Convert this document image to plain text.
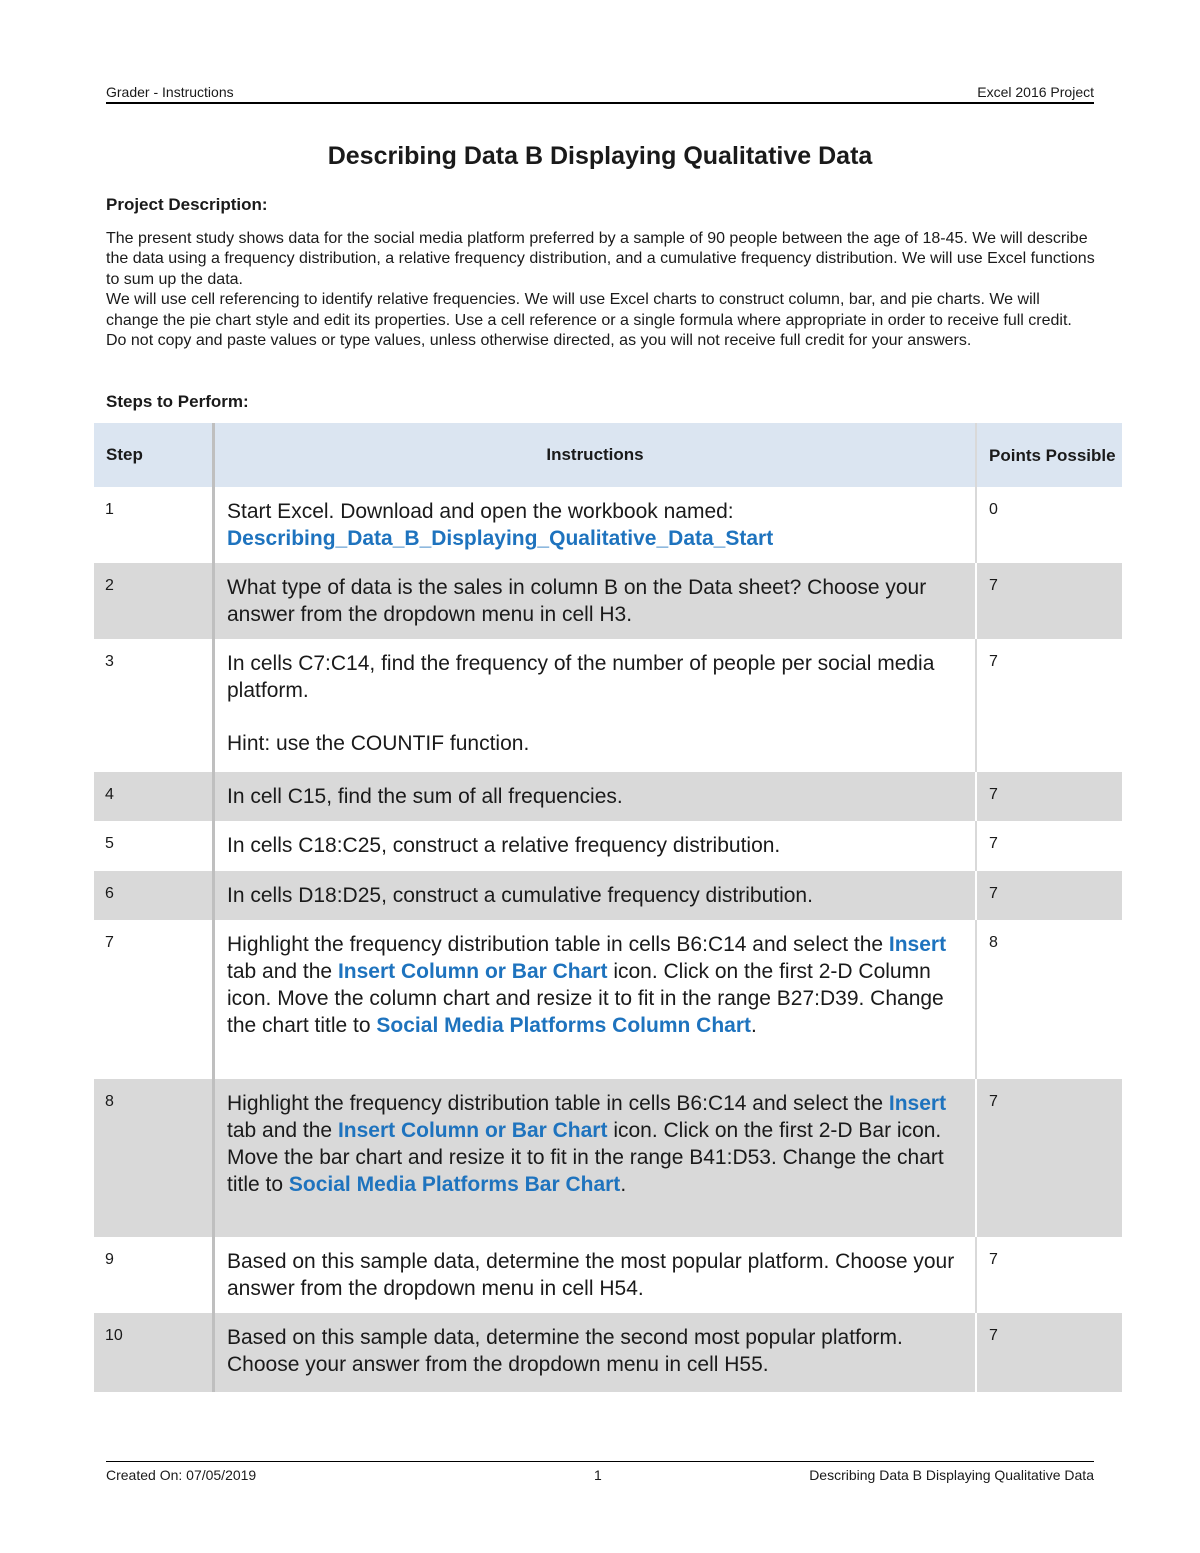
Grader - Instructions	Excel 2016 Project
Describing Data B Displaying Qualitative Data
Project Description:

The present study shows data for the social media platform preferred by a sample of 90 people between the age of 18-45. We will describe the data using a frequency distribution, a relative frequency distribution, and a cumulative frequency distribution. We will use Excel functions to sum up the data.

We will use cell referencing to identify relative frequencies. We will use Excel charts to construct column, bar, and pie charts. We will change the pie chart style and edit its properties. Use a cell reference or a single formula where appropriate in order to receive full credit. Do not copy and paste values or type values, unless otherwise directed, as you will not receive full credit for your answers.

Steps to Perform:
Step	Instructions	Points Possible
1	Start Excel. Download and open the workbook named:
Describing_Data_B_Displaying_Qualitative_Data_Start	0
2	What type of data is the sales in column B on the Data sheet? Choose your answer from the dropdown menu in cell H3.	7
3	In cells C7:C14, find the frequency of the number of people per social media platform.

Hint: use the COUNTIF function.	7
4	In cell C15, find the sum of all frequencies.	7
5	In cells C18:C25, construct a relative frequency distribution.	7
6	In cells D18:D25, construct a cumulative frequency distribution.	7
7	Highlight the frequency distribution table in cells B6:C14 and select the Insert tab and the Insert Column or Bar Chart icon. Click on the first 2-D Column icon. Move the column chart and resize it to fit in the range B27:D39. Change the chart title to Social Media Platforms Column Chart.	8
8	Highlight the frequency distribution table in cells B6:C14 and select the Insert tab and the Insert Column or Bar Chart icon. Click on the first 2-D Bar icon. Move the bar chart and resize it to fit in the range B41:D53. Change the chart title to Social Media Platforms Bar Chart.	7
9	Based on this sample data, determine the most popular platform. Choose your answer from the dropdown menu in cell H54.	7
10	Based on this sample data, determine the second most popular platform. Choose your answer from the dropdown menu in cell H55.	7
Created On: 07/05/2019	1	Describing Data B Displaying Qualitative Data
